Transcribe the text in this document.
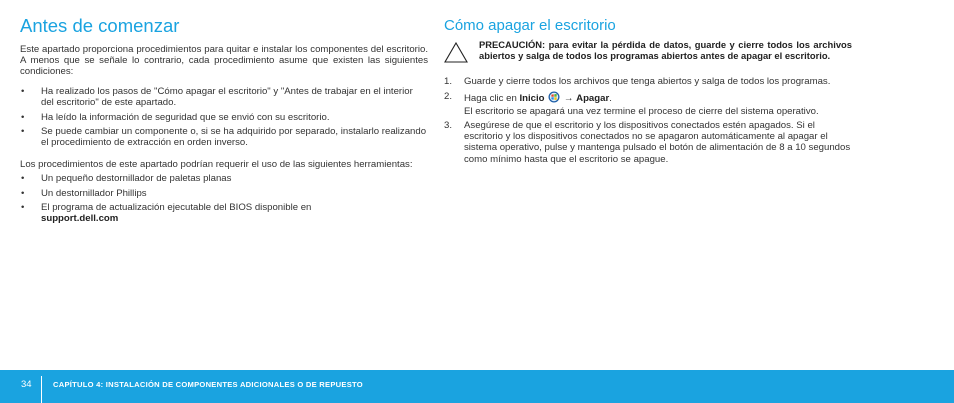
Antes de comenzar

Este apartado proporciona procedimientos para quitar e instalar los componentes del escritorio. A menos que se señale lo contrario, cada procedimiento asume que existen las siguientes condiciones:

• Ha realizado los pasos de "Cómo apagar el escritorio" y "Antes de trabajar en el interior del escritorio" de este apartado.
• Ha leído la información de seguridad que se envió con su escritorio.
• Se puede cambiar un componente o, si se ha adquirido por separado, instalarlo realizando el procedimiento de extracción en orden inverso.

Los procedimientos de este apartado podrían requerir el uso de las siguientes herramientas:

• Un pequeño destornillador de paletas planas
• Un destornillador Phillips
• El programa de actualización ejecutable del BIOS disponible en
support.dell.com
Cómo apagar el escritorio

PRECAUCIÓN: para evitar la pérdida de datos, guarde y cierre todos los archivos abiertos y salga de todos los programas abiertos antes de apagar el escritorio.

1. Guarde y cierre todos los archivos que tenga abiertos y salga de todos los programas.
2. Haga clic en Inicio  → Apagar.
El escritorio se apagará una vez termine el proceso de cierre del sistema operativo.
3. Asegúrese de que el escritorio y los dispositivos conectados estén apagados. Si el escritorio y los dispositivos conectados no se apagaron automáticamente al apagar el sistema operativo, pulse y mantenga pulsado el botón de alimentación de 8 a 10 segundos como mínimo hasta que el escritorio se apague.
34	CAPÍTULO 4: INSTALACIÓN DE COMPONENTES ADICIONALES O DE REPUESTO
